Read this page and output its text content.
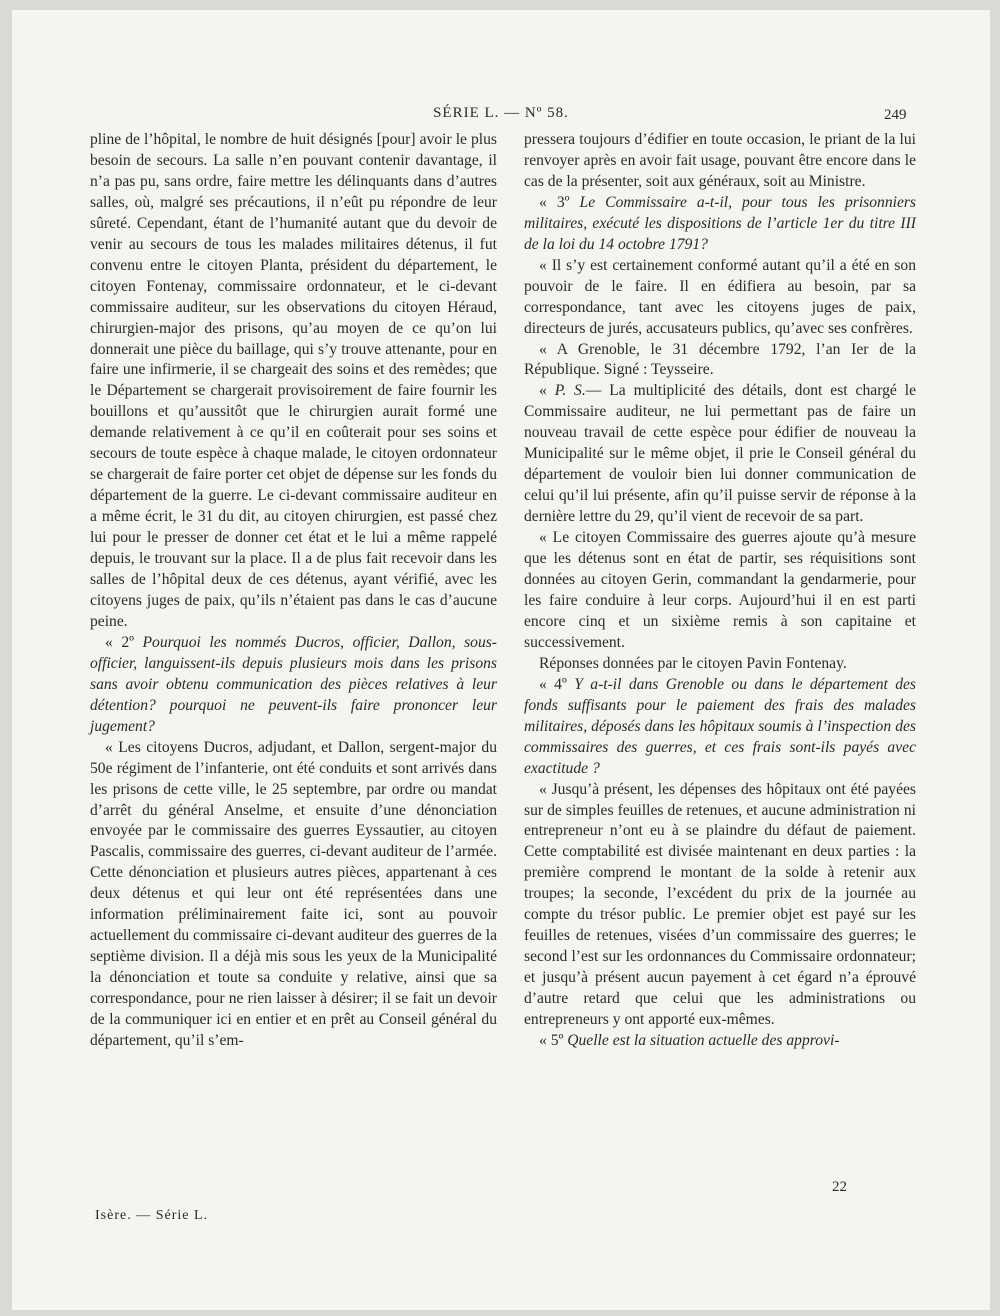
SÉRIE L. — Nº 58.	249

pline de l’hôpital, le nombre de huit désignés [pour] avoir le plus besoin de secours. La salle n’en pouvant contenir davantage, il n’a pas pu, sans ordre, faire mettre les délinquants dans d’autres salles, où, malgré ses précautions, il n’eût pu répondre de leur sûreté. Cependant, étant de l’humanité autant que du devoir de venir au secours de tous les malades militaires détenus, il fut convenu entre le citoyen Planta, président du département, le citoyen Fontenay, commissaire ordonnateur, et le ci-devant commissaire auditeur, sur les observations du citoyen Héraud, chirurgien-major des prisons, qu’au moyen de ce qu’on lui donnerait une pièce du baillage, qui s’y trouve attenante, pour en faire une infirmerie, il se chargeait des soins et des remèdes; que le Département se chargerait provisoirement de faire fournir les bouillons et qu’aussitôt que le chirurgien aurait formé une demande relativement à ce qu’il en coûterait pour ses soins et secours de toute espèce à chaque malade, le citoyen ordonnateur se chargerait de faire porter cet objet de dépense sur les fonds du département de la guerre. Le ci-devant commissaire auditeur en a même écrit, le 31 du dit, au citoyen chirurgien, est passé chez lui pour le presser de donner cet état et le lui a même rappelé depuis, le trouvant sur la place. Il a de plus fait recevoir dans les salles de l’hôpital deux de ces détenus, ayant vérifié, avec les citoyens juges de paix, qu’ils n’étaient pas dans le cas d’aucune peine.

« 2º Pourquoi les nommés Ducros, officier, Dallon, sous-officier, languissent-ils depuis plusieurs mois dans les prisons sans avoir obtenu communication des pièces relatives à leur détention? pourquoi ne peuvent-ils faire prononcer leur jugement?

« Les citoyens Ducros, adjudant, et Dallon, sergent-major du 50e régiment de l’infanterie, ont été conduits et sont arrivés dans les prisons de cette ville, le 25 septembre, par ordre ou mandat d’arrêt du général Anselme, et ensuite d’une dénonciation envoyée par le commissaire des guerres Eyssautier, au citoyen Pascalis, commissaire des guerres, ci-devant auditeur de l’armée. Cette dénonciation et plusieurs autres pièces, appartenant à ces deux détenus et qui leur ont été représentées dans une information préliminairement faite ici, sont au pouvoir actuellement du commissaire ci-devant auditeur des guerres de la septième division. Il a déjà mis sous les yeux de la Municipalité la dénonciation et toute sa conduite y relative, ainsi que sa correspondance, pour ne rien laisser à désirer; il se fait un devoir de la communiquer ici en entier et en prêt au Conseil général du département, qu’il s’em-

pressera toujours d’édifier en toute occasion, le priant de la lui renvoyer après en avoir fait usage, pouvant être encore dans le cas de la présenter, soit aux généraux, soit au Ministre.

« 3º Le Commissaire a-t-il, pour tous les prisonniers militaires, exécuté les dispositions de l’article 1er du titre III de la loi du 14 octobre 1791?

« Il s’y est certainement conformé autant qu’il a été en son pouvoir de le faire. Il en édifiera au besoin, par sa correspondance, tant avec les citoyens juges de paix, directeurs de jurés, accusateurs publics, qu’avec ses confrères.

« A Grenoble, le 31 décembre 1792, l’an Ier de la République. Signé : Teysseire.

« P. S.— La multiplicité des détails, dont est chargé le Commissaire auditeur, ne lui permettant pas de faire un nouveau travail de cette espèce pour édifier de nouveau la Municipalité sur le même objet, il prie le Conseil général du département de vouloir bien lui donner communication de celui qu’il lui présente, afin qu’il puisse servir de réponse à la dernière lettre du 29, qu’il vient de recevoir de sa part.

« Le citoyen Commissaire des guerres ajoute qu’à mesure que les détenus sont en état de partir, ses réquisitions sont données au citoyen Gerin, commandant la gendarmerie, pour les faire conduire à leur corps. Aujourd’hui il en est parti encore cinq et un sixième remis à son capitaine et successivement.

Réponses données par le citoyen Pavin Fontenay.

« 4º Y a-t-il dans Grenoble ou dans le département des fonds suffisants pour le paiement des frais des malades militaires, déposés dans les hôpitaux soumis à l’inspection des commissaires des guerres, et ces frais sont-ils payés avec exactitude ?

« Jusqu’à présent, les dépenses des hôpitaux ont été payées sur de simples feuilles de retenues, et aucune administration ni entrepreneur n’ont eu à se plaindre du défaut de paiement. Cette comptabilité est divisée maintenant en deux parties : la première comprend le montant de la solde à retenir aux troupes; la seconde, l’excédent du prix de la journée au compte du trésor public. Le premier objet est payé sur les feuilles de retenues, visées d’un commissaire des guerres; le second l’est sur les ordonnances du Commissaire ordonnateur; et jusqu’à présent aucun payement à cet égard n’a éprouvé d’autre retard que celui que les administrations ou entrepreneurs y ont apporté eux-mêmes.

« 5º Quelle est la situation actuelle des approvi-

22
Isère. — Série L.
